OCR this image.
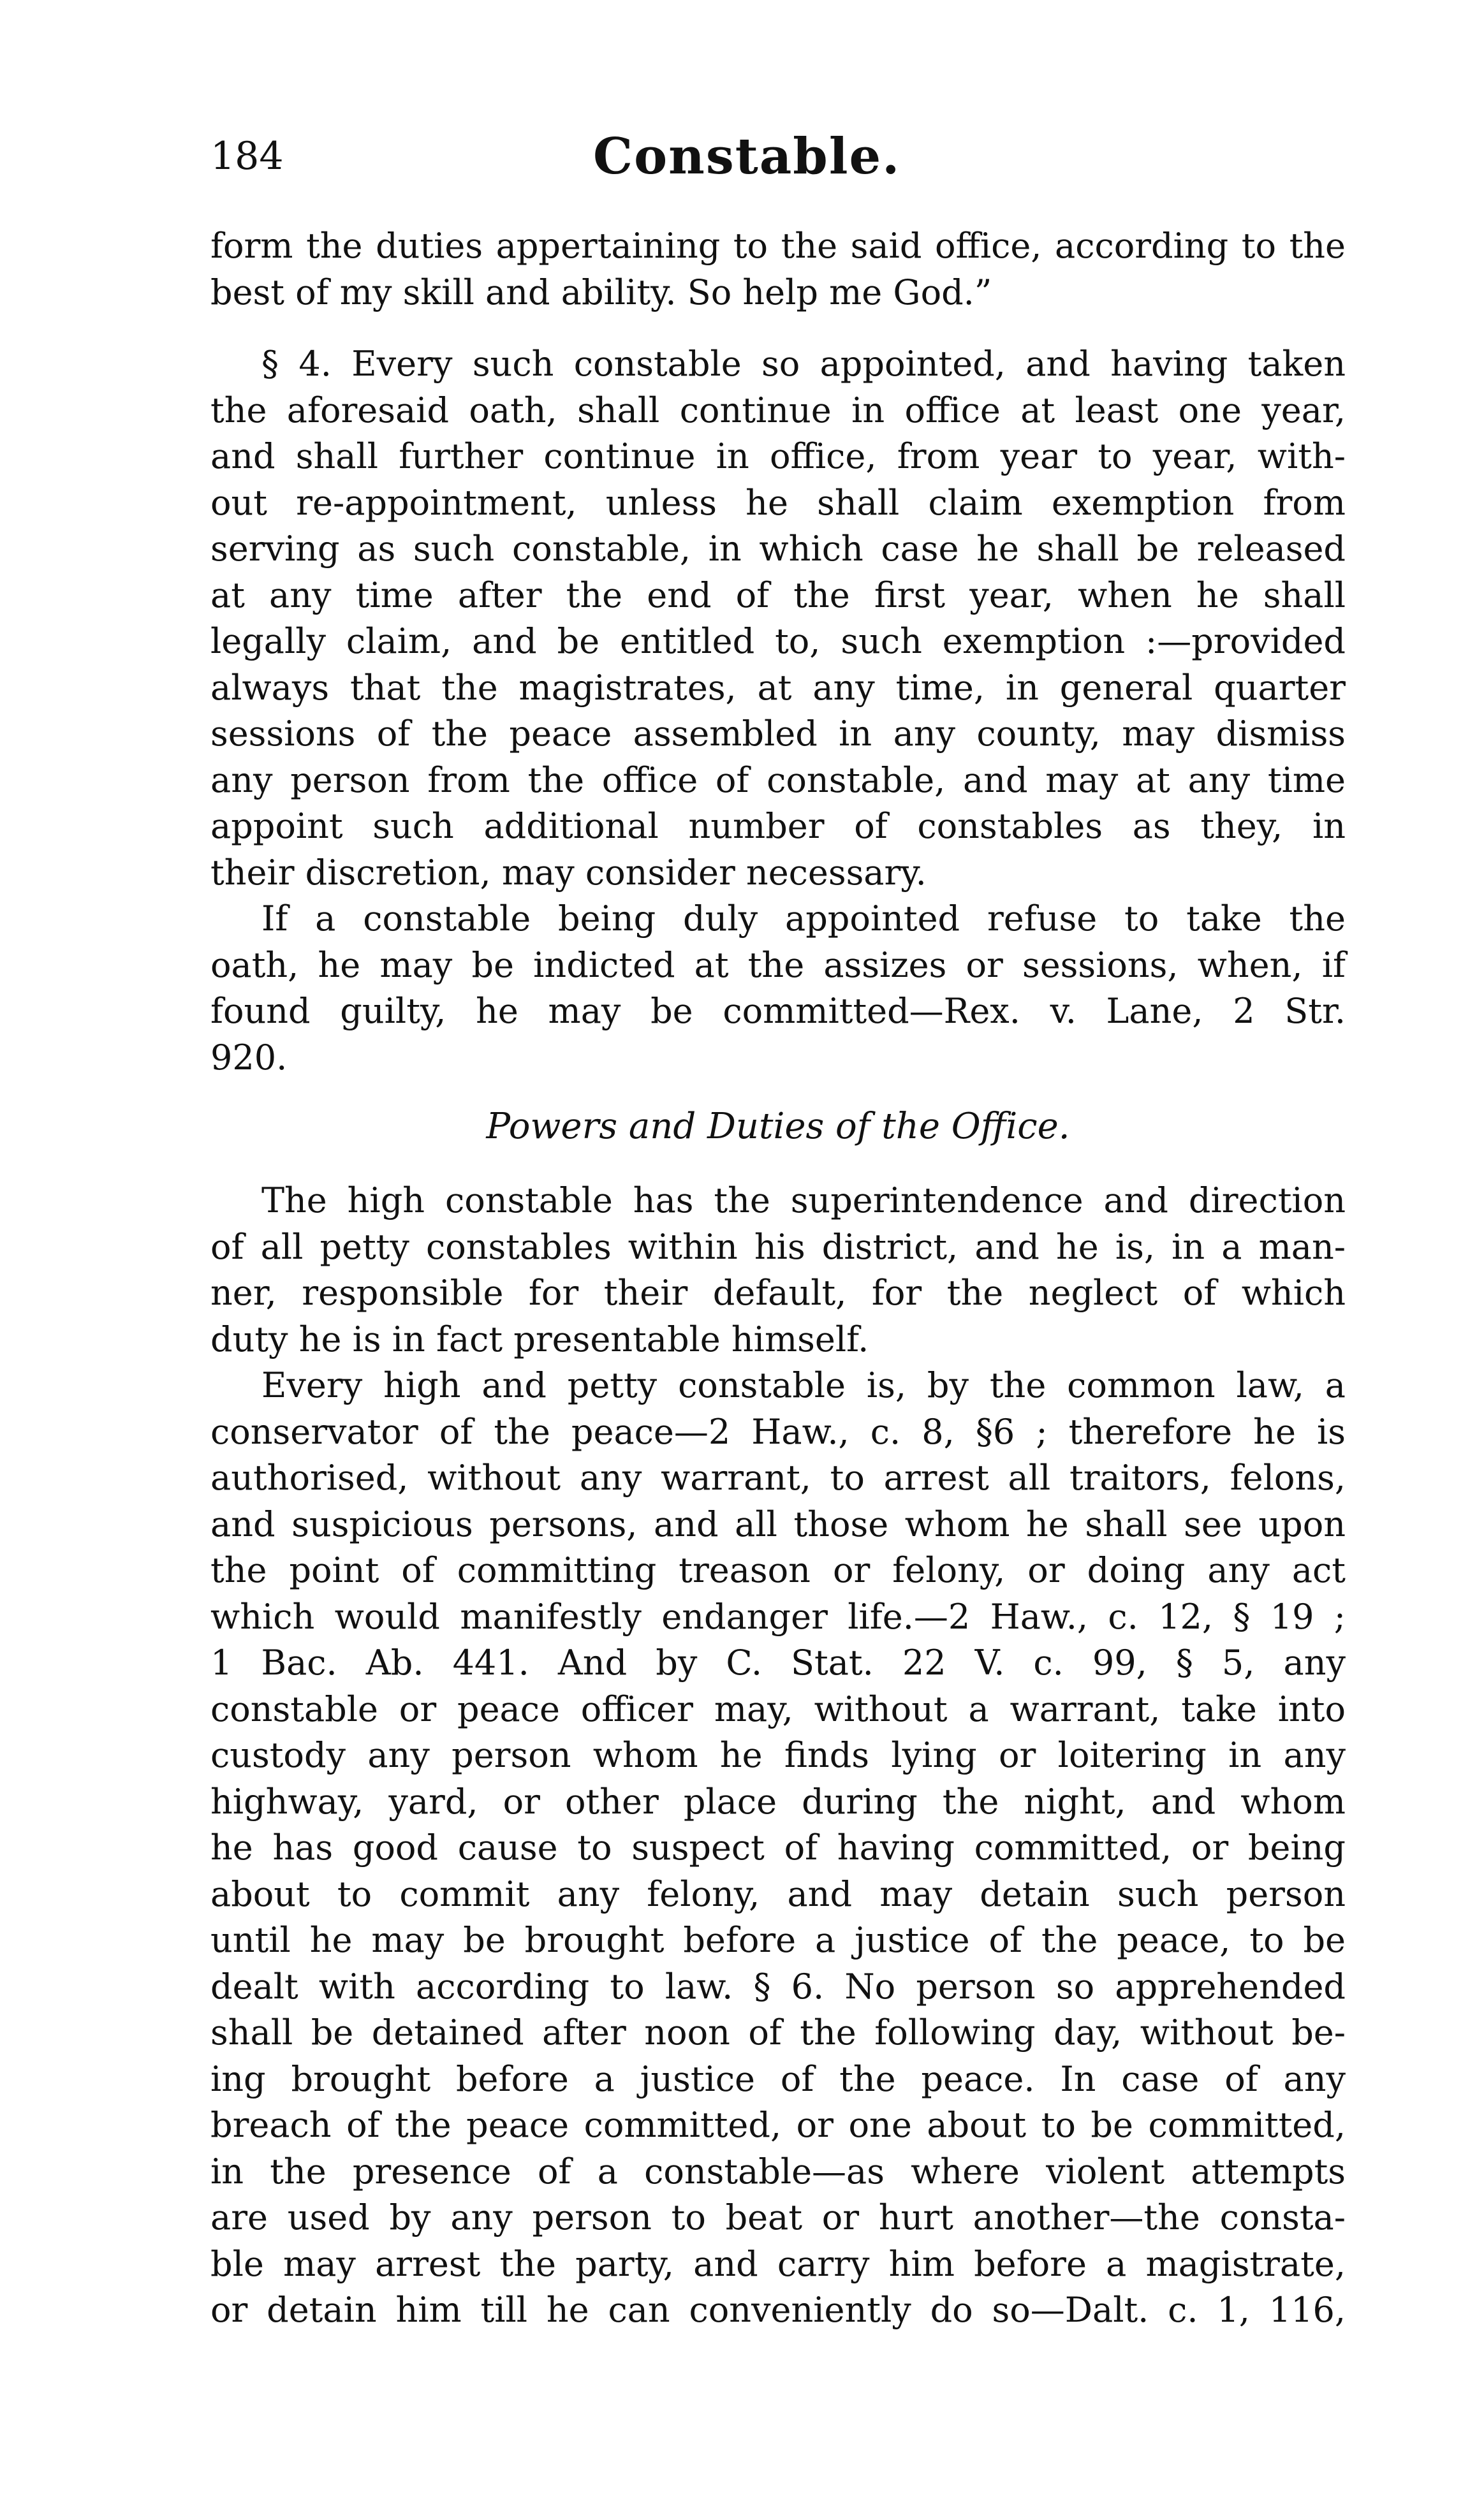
184	Constable.
form the duties appertaining to the said office, according to the
best of my skill and ability. So help me God.”
§ 4. Every such constable so appointed, and having taken
the aforesaid oath, shall continue in office at least one year,
and shall further continue in office, from year to year, with-
out re-appointment, unless he shall claim exemption from
serving as such constable, in which case he shall be released
at any time after the end of the first year, when he shall
legally claim, and be entitled to, such exemption :—provided
always that the magistrates, at any time, in general quarter
sessions of the peace assembled in any county, may dismiss
any person from the office of constable, and may at any time
appoint such additional number of constables as they, in
their discretion, may consider necessary.
If a constable being duly appointed refuse to take the
oath, he may be indicted at the assizes or sessions, when, if
found guilty, he may be committed—Rex. v. Lane, 2 Str.
920.
Powers and Duties of the Office.
The high constable has the superintendence and direction
of all petty constables within his district, and he is, in a man-
ner, responsible for their default, for the neglect of which
duty he is in fact presentable himself.
Every high and petty constable is, by the common law, a
conservator of the peace—2 Haw., c. 8, §6 ; therefore he is
authorised, without any warrant, to arrest all traitors, felons,
and suspicious persons, and all those whom he shall see upon
the point of committing treason or felony, or doing any act
which would manifestly endanger life.—2 Haw., c. 12, § 19 ;
1 Bac. Ab. 441. And by C. Stat. 22 V. c. 99, § 5, any
constable or peace officer may, without a warrant, take into
custody any person whom he finds lying or loitering in any
highway, yard, or other place during the night, and whom
he has good cause to suspect of having committed, or being
about to commit any felony, and may detain such person
until he may be brought before a justice of the peace, to be
dealt with according to law. § 6. No person so apprehended
shall be detained after noon of the following day, without be-
ing brought before a justice of the peace. In case of any
breach of the peace committed, or one about to be committed,
in the presence of a constable—as where violent attempts
are used by any person to beat or hurt another—the consta-
ble may arrest the party, and carry him before a magistrate,
or detain him till he can conveniently do so—Dalt. c. 1, 116,
